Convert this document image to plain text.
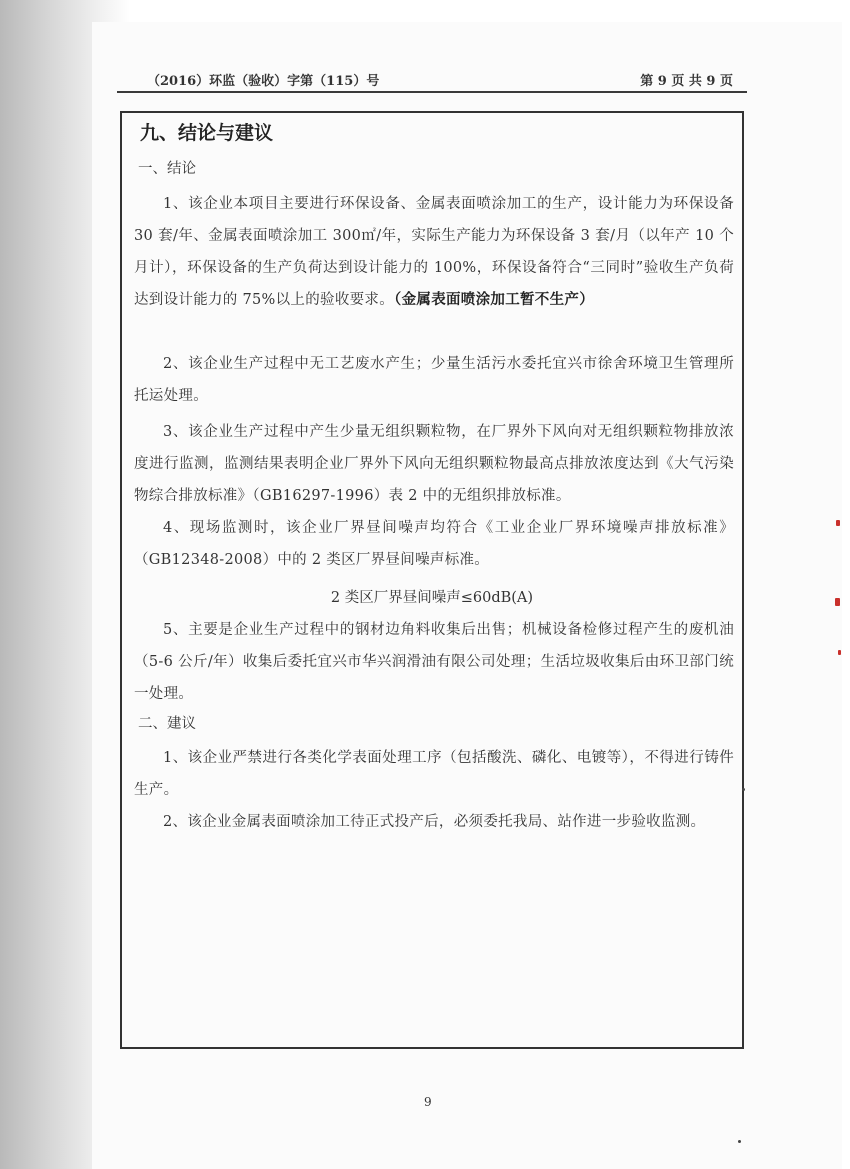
（2016）环监（验收）字第（115）号	第 9 页 共 9 页
九、结论与建议
一、结论
1、该企业本项目主要进行环保设备、金属表面喷涂加工的生产，设计能力为环保设备 30 套/年、金属表面喷涂加工 300㎡/年，实际生产能力为环保设备 3 套/月（以年产 10 个月计），环保设备的生产负荷达到设计能力的 100%，环保设备符合“三同时”验收生产负荷达到设计能力的 75%以上的验收要求。（金属表面喷涂加工暂不生产）
2、该企业生产过程中无工艺废水产生；少量生活污水委托宜兴市徐舍环境卫生管理所托运处理。
3、该企业生产过程中产生少量无组织颗粒物，在厂界外下风向对无组织颗粒物排放浓度进行监测，监测结果表明企业厂界外下风向无组织颗粒物最高点排放浓度达到《大气污染物综合排放标准》（GB16297-1996）表 2 中的无组织排放标准。
4、现场监测时，该企业厂界昼间噪声均符合《工业企业厂界环境噪声排放标准》（GB12348-2008）中的 2 类区厂界昼间噪声标准。
2 类区厂界昼间噪声≤60dB(A)
5、主要是企业生产过程中的钢材边角料收集后出售；机械设备检修过程产生的废机油（5-6 公斤/年）收集后委托宜兴市华兴润滑油有限公司处理；生活垃圾收集后由环卫部门统一处理。
二、建议
1、该企业严禁进行各类化学表面处理工序（包括酸洗、磷化、电镀等），不得进行铸件生产。
2、该企业金属表面喷涂加工待正式投产后，必须委托我局、站作进一步验收监测。
9
